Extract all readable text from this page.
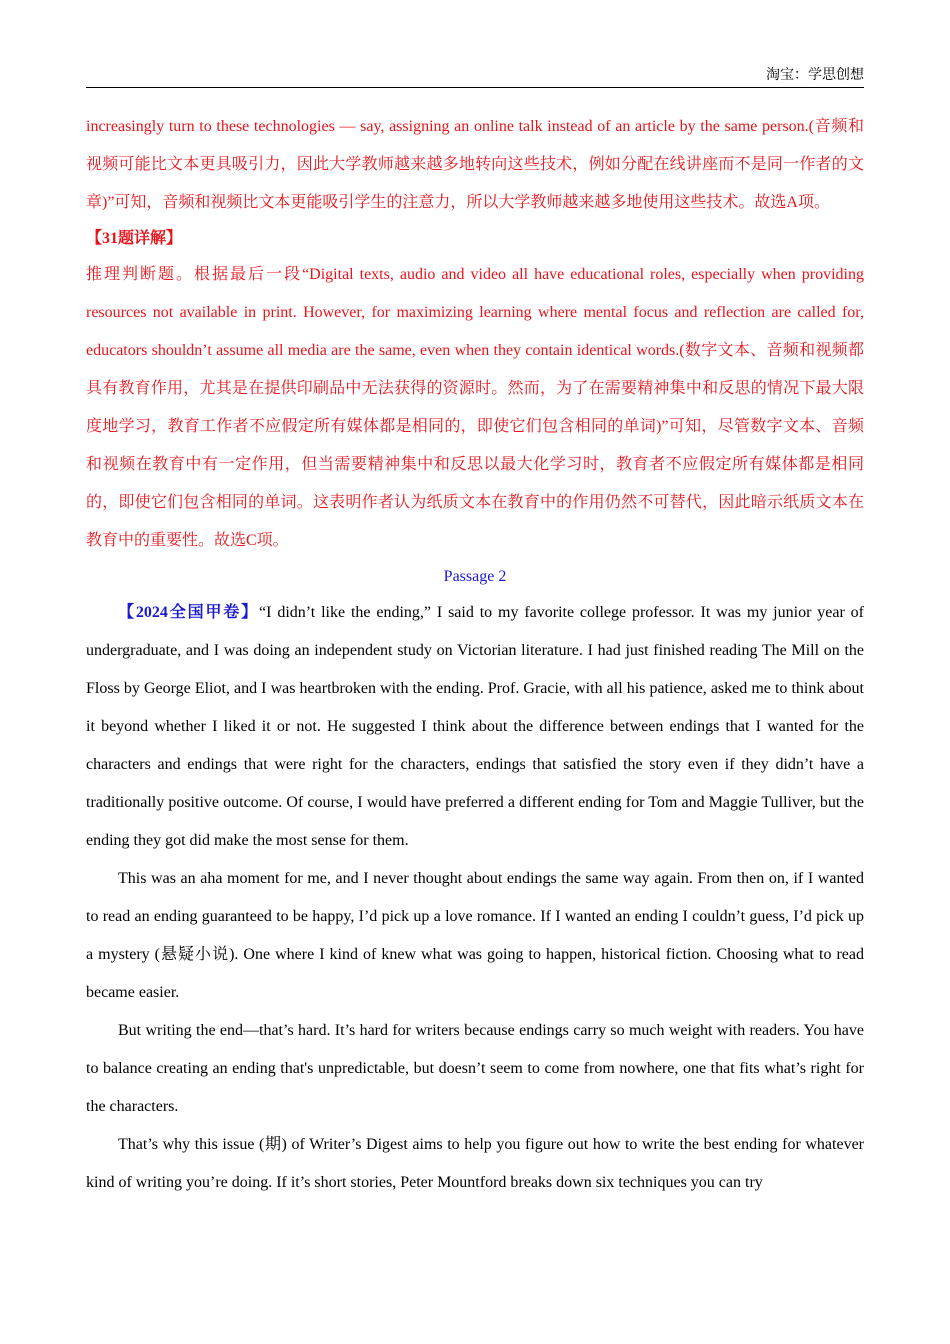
淘宝：学思创想

increasingly turn to these technologies — say, assigning an online talk instead of an article by the same person.(音频和视频可能比文本更具吸引力，因此大学教师越来越多地转向这些技术，例如分配在线讲座而不是同一作者的文章)”可知，音频和视频比文本更能吸引学生的注意力，所以大学教师越来越多地使用这些技术。故选A项。

【31题详解】

推理判断题。根据最后一段“Digital texts, audio and video all have educational roles, especially when providing resources not available in print. However, for maximizing learning where mental focus and reflection are called for, educators shouldn’t assume all media are the same, even when they contain identical words.(数字文本、音频和视频都具有教育作用，尤其是在提供印刷品中无法获得的资源时。然而，为了在需要精神集中和反思的情况下最大限度地学习，教育工作者不应假定所有媒体都是相同的，即使它们包含相同的单词)”可知，尽管数字文本、音频和视频在教育中有一定作用，但当需要精神集中和反思以最大化学习时，教育者不应假定所有媒体都是相同的，即使它们包含相同的单词。这表明作者认为纸质文本在教育中的作用仍然不可替代，因此暗示纸质文本在教育中的重要性。故选C项。

Passage 2

【2024全国甲卷】“I didn’t like the ending,” I said to my favorite college professor. It was my junior year of undergraduate, and I was doing an independent study on Victorian literature. I had just finished reading The Mill on the Floss by George Eliot, and I was heartbroken with the ending. Prof. Gracie, with all his patience, asked me to think about it beyond whether I liked it or not. He suggested I think about the difference between endings that I wanted for the characters and endings that were right for the characters, endings that satisfied the story even if they didn’t have a traditionally positive outcome. Of course, I would have preferred a different ending for Tom and Maggie Tulliver, but the ending they got did make the most sense for them.

This was an aha moment for me, and I never thought about endings the same way again. From then on, if I wanted to read an ending guaranteed to be happy, I’d pick up a love romance. If I wanted an ending I couldn’t guess, I’d pick up a mystery (悬疑小说). One where I kind of knew what was going to happen, historical fiction. Choosing what to read became easier.

But writing the end—that’s hard. It’s hard for writers because endings carry so much weight with readers. You have to balance creating an ending that's unpredictable, but doesn’t seem to come from nowhere, one that fits what’s right for the characters.

That’s why this issue (期) of Writer’s Digest aims to help you figure out how to write the best ending for whatever kind of writing you’re doing. If it’s short stories, Peter Mountford breaks down six techniques you can try
